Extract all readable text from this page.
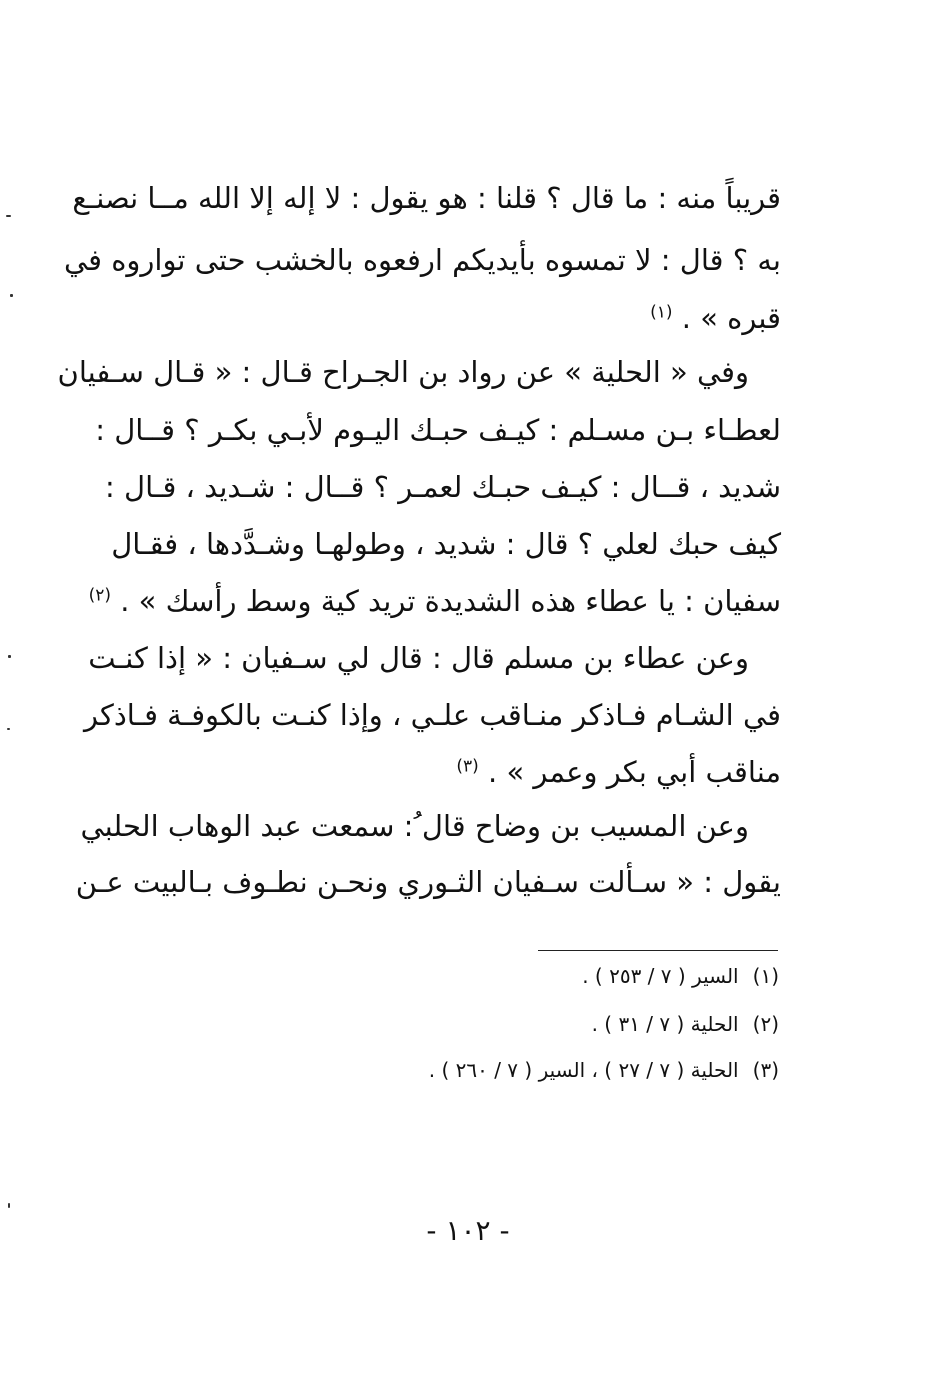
قريباً منه : ما قال ؟ قلنا : هو يقول : لا إله إلا الله مــا نصنـع
به ؟ قال : لا تمسوه بأيديكم ارفعوه بالخشب حتى تواروه في
قبره » . $^{(١)}$
وفي « الحلية » عن رواد بن الجـراح قـال : « قـال سـفيان
لعطـاء بـن مسـلم : كيـف حبـك اليـوم لأبـي بكـر ؟ قــال :
شديد ، قــال : كيـف حبـك لعمـر ؟ قــال : شـديد ، قـال :
كيف حبك لعلي ؟ قال : شديد ، وطولهـا وشـدَّدها ، فقـال
سفيان : يا عطاء هذه الشديدة تريد كية وسط رأسك » . $^{(٢)}$
وعن عطاء بن مسلم قال : قال لي سـفيان : « إذا كنـت
في الشـام فـاذكر منـاقب علـي ، وإذا كنـت بالكوفـة فـاذكر
مناقب أبي بكر وعمر » . $^{(٣)}$
وعن المسيب بن وضاح قال ُ: سمعت عبد الوهاب الحلبي
يقول : « سـألت سـفيان الثـوري ونحـن نطـوف بـالبيت عـن
(١)السير ( ٧ / ٢٥٣ ) .
(٢)الحلية ( ٧ / ٣١ ) .
(٣)الحلية ( ٧ / ٢٧ ) ، السير ( ٧ / ٢٦٠ ) .
- ١٠٢ -
